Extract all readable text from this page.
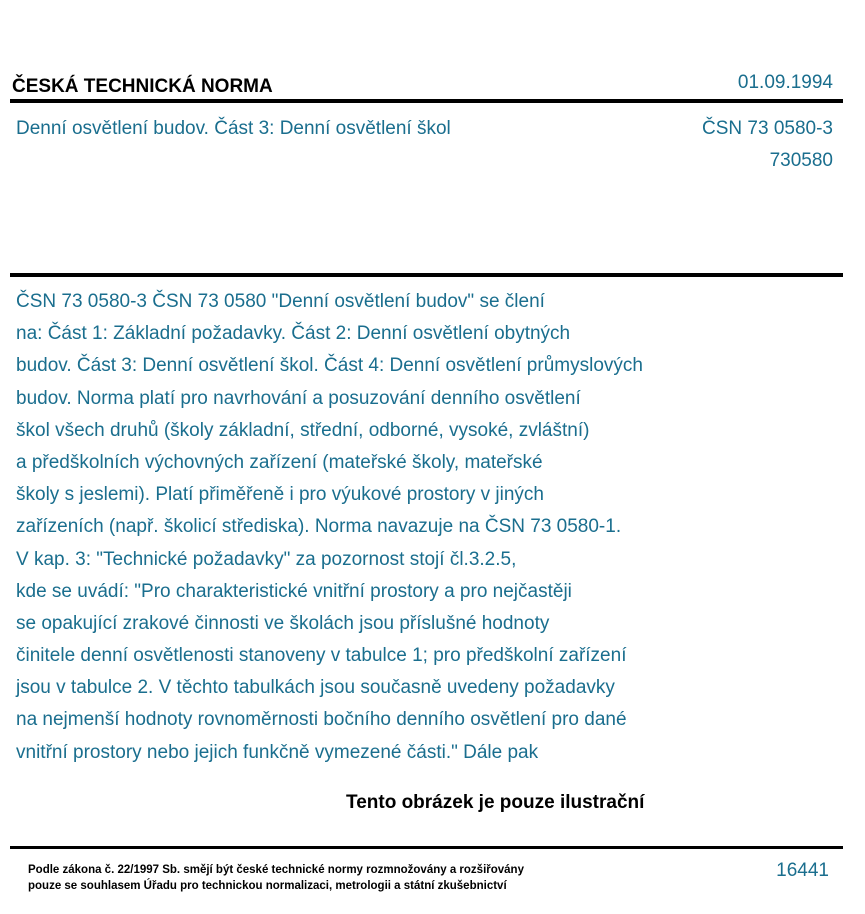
ČESKÁ TECHNICKÁ NORMA	01.09.1994
Denní osvětlení budov. Část 3: Denní osvětlení škol	ČSN 73 0580-3
730580
ČSN 73 0580-3 ČSN 73 0580 "Denní osvětlení budov" se člení
na: Část 1: Základní požadavky. Část 2: Denní osvětlení obytných
budov. Část 3: Denní osvětlení škol. Část 4: Denní osvětlení průmyslových
budov. Norma platí pro navrhování a posuzování denního osvětlení
škol všech druhů (školy základní, střední, odborné, vysoké, zvláštní)
a předškolních výchovných zařízení (mateřské školy, mateřské
školy s jeslemi). Platí přiměřeně i pro výukové prostory v jiných
zařízeních (např. školicí střediska). Norma navazuje na ČSN 73 0580-1.
V kap. 3: "Technické požadavky" za pozornost stojí čl.3.2.5,
kde se uvádí: "Pro charakteristické vnitřní prostory a pro nejčastěji
se opakující zrakové činnosti ve školách jsou příslušné hodnoty
činitele denní osvětlenosti stanoveny v tabulce 1; pro předškolní zařízení
jsou v tabulce 2. V těchto tabulkách jsou současně uvedeny požadavky
na nejmenší hodnoty rovnoměrnosti bočního denního osvětlení pro dané
vnitřní prostory nebo jejich funkčně vymezené části." Dále pak
Tento obrázek je pouze ilustrační
Podle zákona č. 22/1997 Sb. smějí být české technické normy rozmnožovány a rozšiřovány
pouze se souhlasem Úřadu pro technickou normalizaci, metrologii a státní zkušebnictví
16441
